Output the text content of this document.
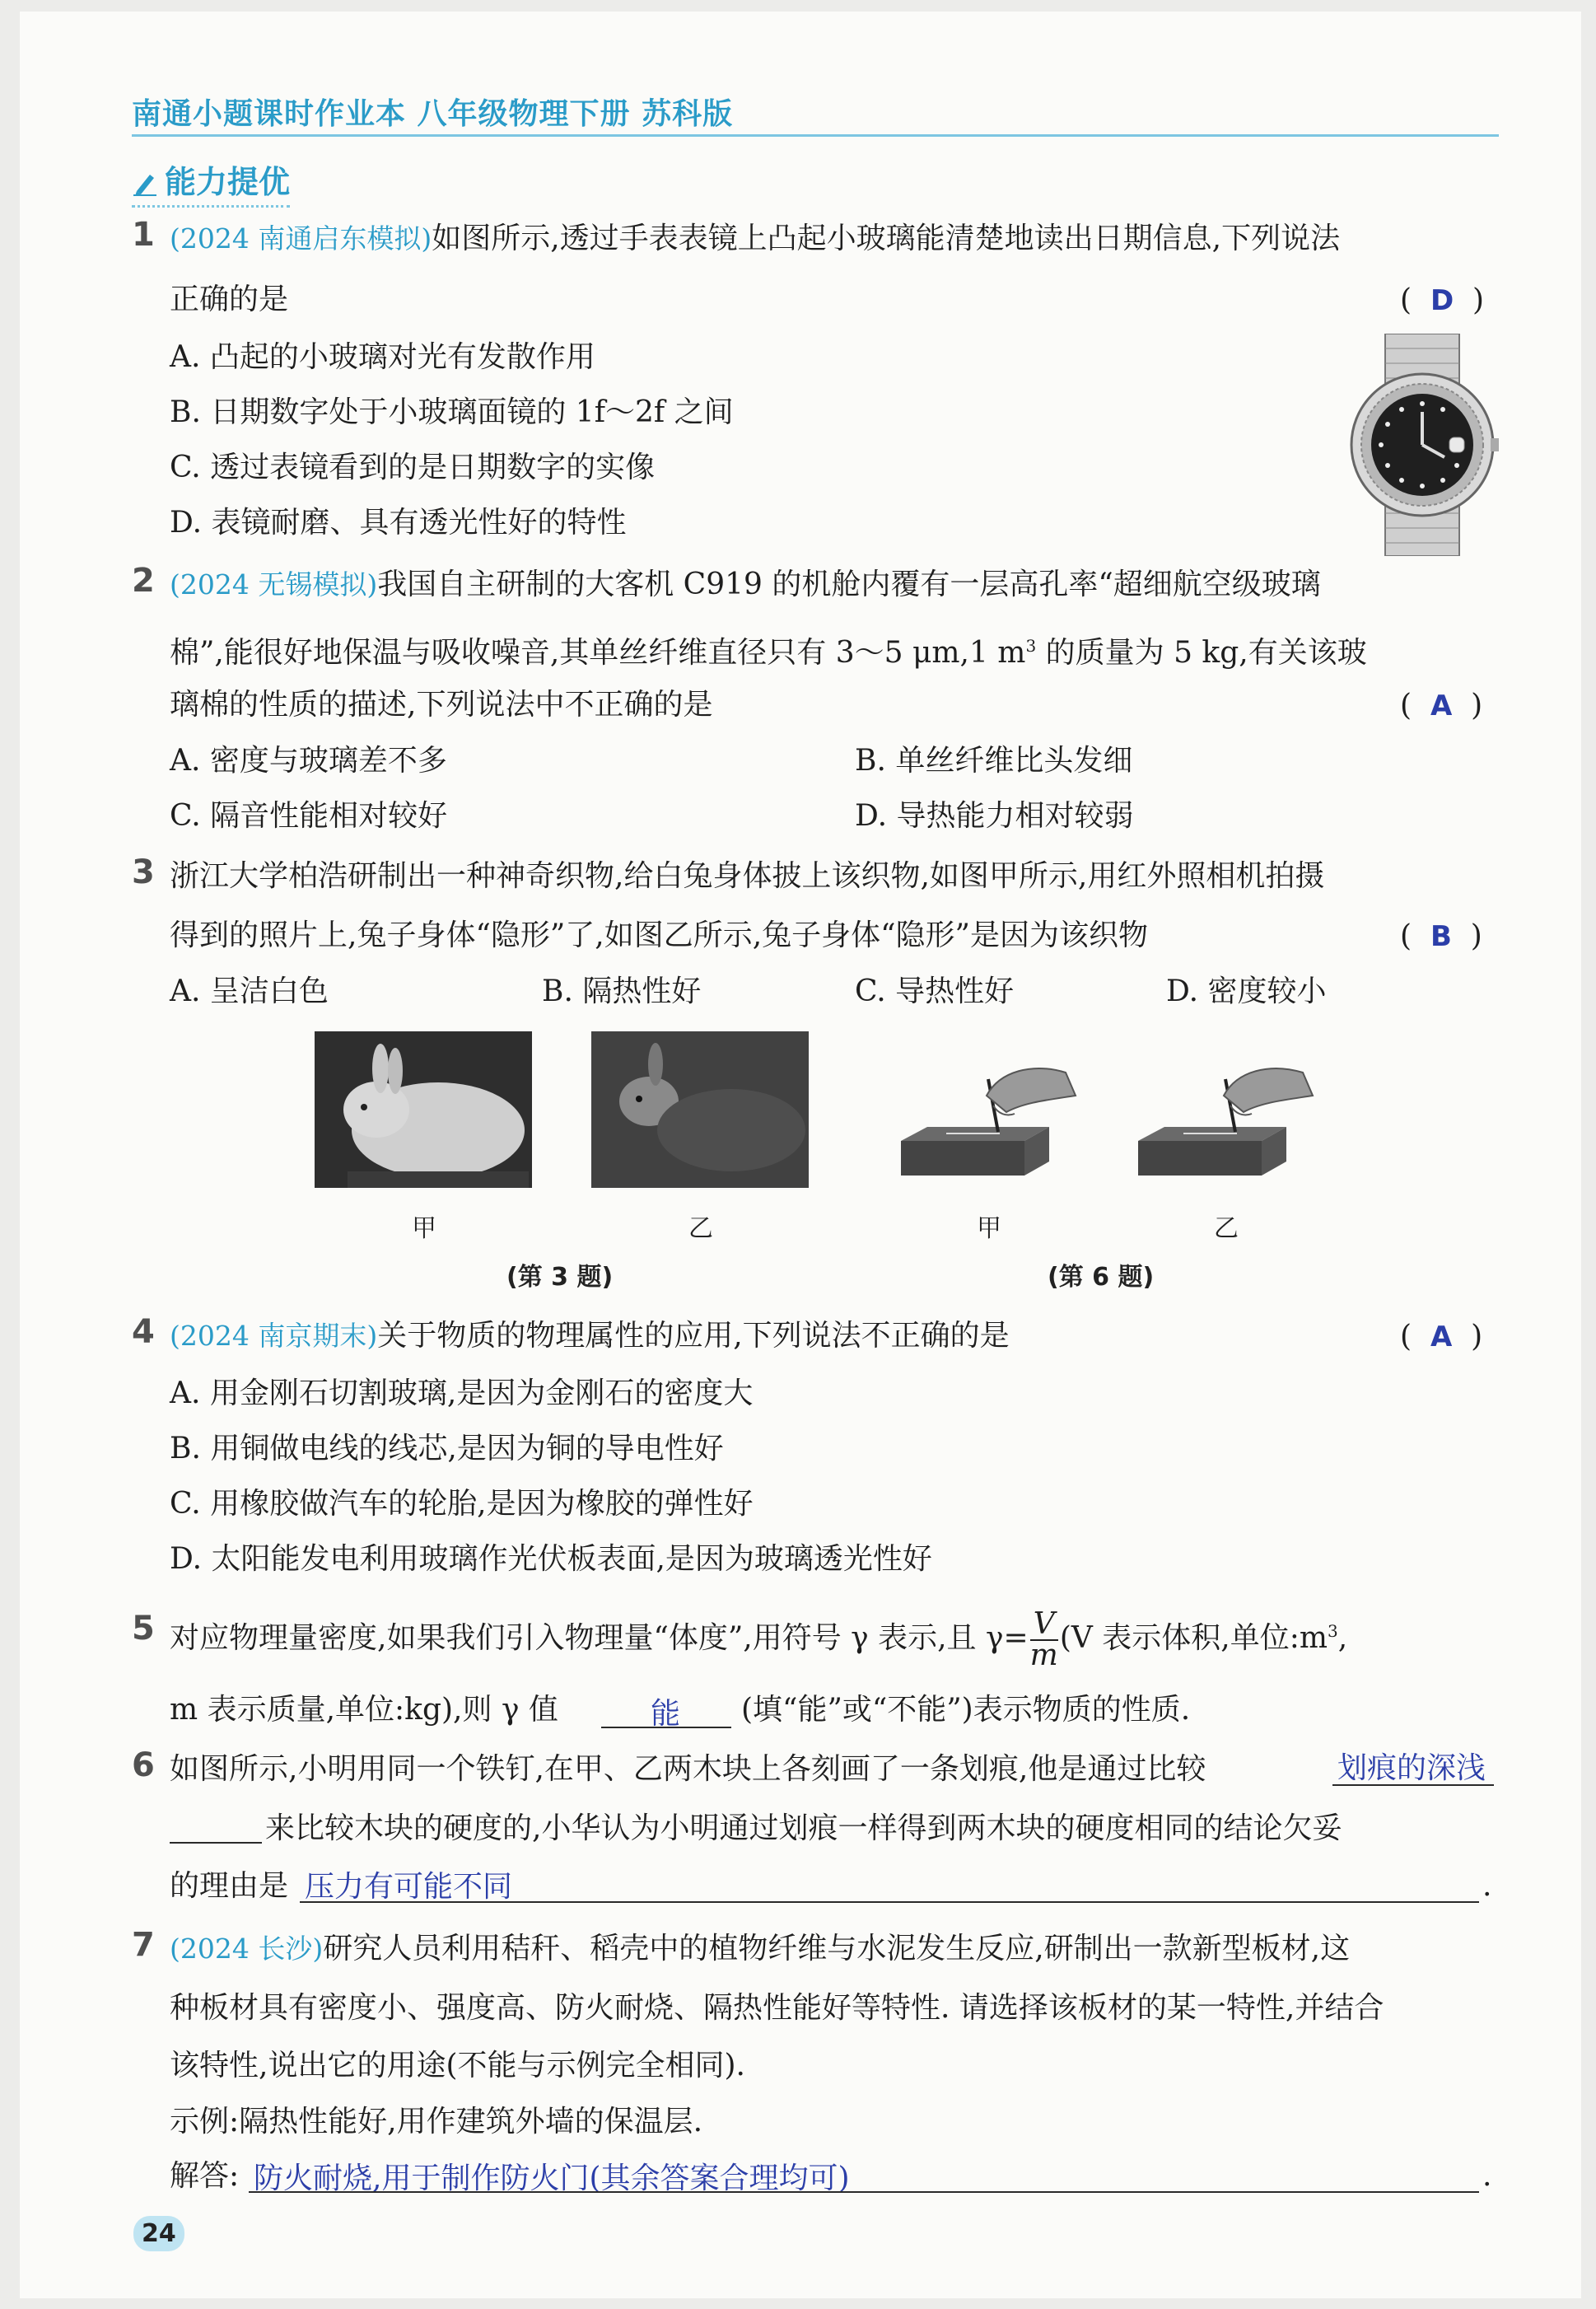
南通小题课时作业本 八年级物理下册 苏科版
能力提优
1 (2024 南通启东模拟)如图所示,透过手表表镜上凸起小玻璃能清楚地读出日期信息,下列说法
正确的是	(  D  )
A. 凸起的小玻璃对光有发散作用
B. 日期数字处于小玻璃面镜的 1f～2f 之间
C. 透过表镜看到的是日期数字的实像
D. 表镜耐磨、具有透光性好的特性
2 (2024 无锡模拟)我国自主研制的大客机 C919 的机舱内覆有一层高孔率“超细航空级玻璃
棉”,能很好地保温与吸收噪音,其单丝纤维直径只有 3～5 μm,1 $m^3$ 的质量为 5 kg,有关该玻
璃棉的性质的描述,下列说法中不正确的是	(  A  )
A. 密度与玻璃差不多	B. 单丝纤维比头发细
C. 隔音性能相对较好	D. 导热能力相对较弱
3 浙江大学柏浩研制出一种神奇织物,给白兔身体披上该织物,如图甲所示,用红外照相机拍摄
得到的照片上,兔子身体“隐形”了,如图乙所示,兔子身体“隐形”是因为该织物	(  B  )
A. 呈洁白色	B. 隔热性好	C. 导热性好	D. 密度较小
甲	乙
(第 3 题)
甲	乙
(第 6 题)
4 (2024 南京期末)关于物质的物理属性的应用,下列说法不正确的是	(  A  )
A. 用金刚石切割玻璃,是因为金刚石的密度大
B. 用铜做电线的线芯,是因为铜的导电性好
C. 用橡胶做汽车的轮胎,是因为橡胶的弹性好
D. 太阳能发电利用玻璃作光伏板表面,是因为玻璃透光性好
5 对应物理量密度,如果我们引入物理量“体度”,用符号 γ 表示,且 $\gamma= \frac{V}{m} (V$ 表示体积,单位$:m^3$,
m 表示质量,单位:kg),则 γ 值	能 (填“能”或“不能”)表示物质的性质.
6 如图所示,小明用同一个铁钉,在甲、乙两木块上各刻画了一条划痕,他是通过比较	划痕的深浅
来比较木块的硬度的,小华认为小明通过划痕一样得到两木块的硬度相同的结论欠妥
的理由是 压力有可能不同	.
7 (2024 长沙)研究人员利用秸秆、稻壳中的植物纤维与水泥发生反应,研制出一款新型板材,这
种板材具有密度小、强度高、防火耐烧、隔热性能好等特性. 请选择该板材的某一特性,并结合
该特性,说出它的用途(不能与示例完全相同).
示例:隔热性能好,用作建筑外墙的保温层.
解答: 防火耐烧,用于制作防火门(其余答案合理均可)	.
24
